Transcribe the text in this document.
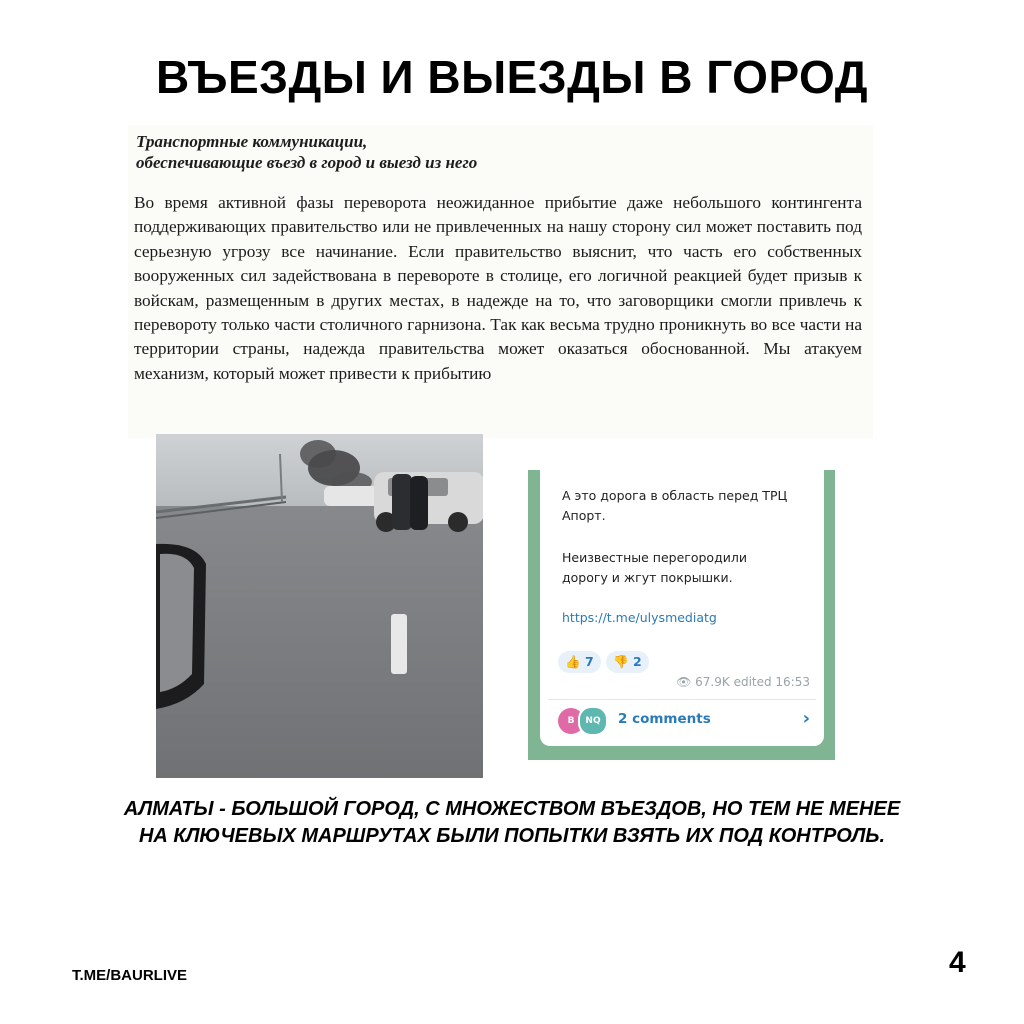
ВЪЕЗДЫ И ВЫЕЗДЫ В ГОРОД
Транспортные коммуникации,
обеспечивающие въезд в город и выезд из него

Во время активной фазы переворота неожиданное прибытие даже небольшого контингента поддерживающих правительство или не привлеченных на нашу сторону сил может поставить под серьезную угрозу все начинание. Если правительство выяснит, что часть его собственных вооруженных сил задействована в перевороте в столице, его логичной реакцией будет призыв к войскам, размещенным в других местах, в надежде на то, что заговорщики смогли привлечь к перевороту только части столичного гарнизона. Так как весьма трудно проникнуть во все части на территории страны, надежда правительства может оказаться обоснованной. Мы атакуем механизм, который может привести к прибытию

А это дорога в область перед ТРЦ
Апорт.
Неизвестные перегородили
дорогу и жгут покрышки.
https://t.me/ulysmediatg
👍 7	👎 2
👁 67.9K edited 16:53
B	NQ	2 comments	›
АЛМАТЫ - БОЛЬШОЙ ГОРОД, С МНОЖЕСТВОМ ВЪЕЗДОВ, НО ТЕМ НЕ МЕНЕЕ
НА КЛЮЧЕВЫХ МАРШРУТАХ БЫЛИ ПОПЫТКИ ВЗЯТЬ ИХ ПОД КОНТРОЛЬ.
T.ME/BAURLIVE	4
